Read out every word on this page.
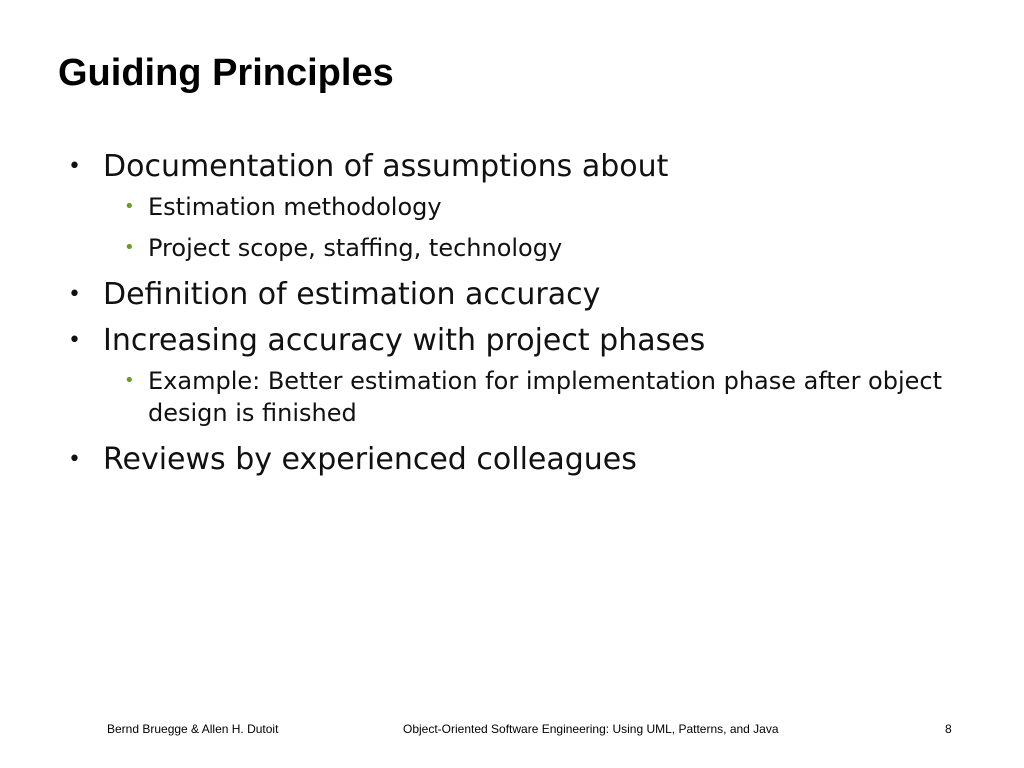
Guiding Principles
• Documentation of assumptions about
• Estimation methodology
• Project scope, staffing, technology
• Definition of estimation accuracy
• Increasing accuracy with project phases
• Example: Better estimation for implementation phase after object design is finished
• Reviews by experienced colleagues
Bernd Bruegge & Allen H. Dutoit	Object-Oriented Software Engineering: Using UML, Patterns, and Java	8
